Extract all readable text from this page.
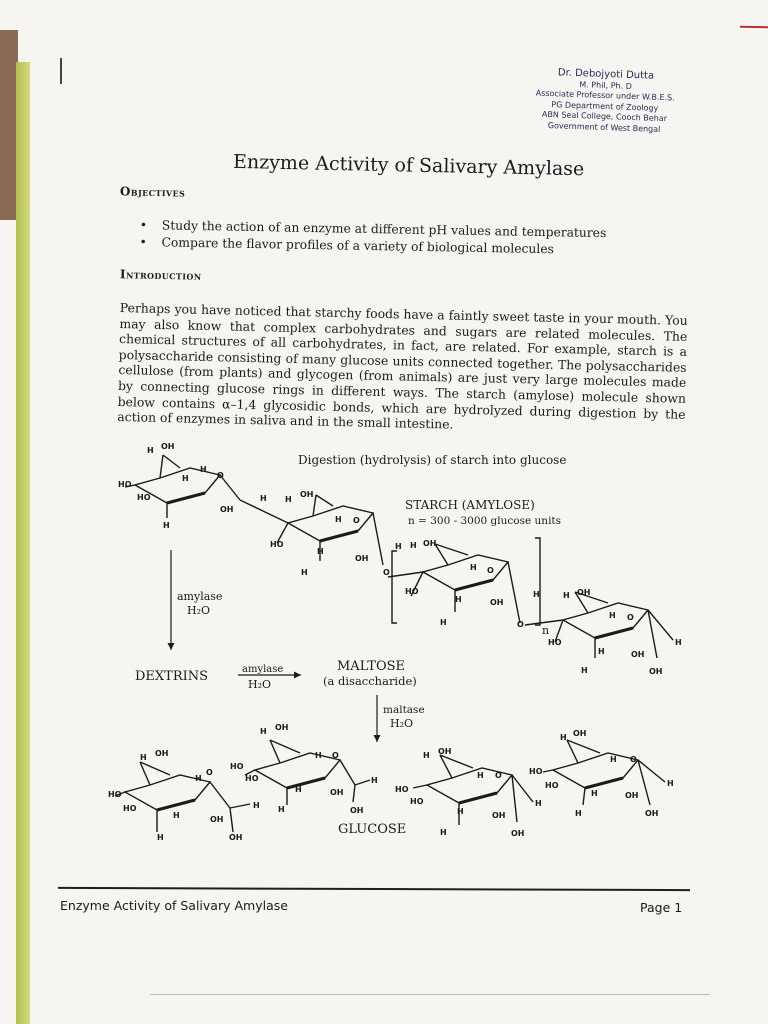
Dr. Debojyoti Dutta
M. Phil, Ph. D
Associate Professor under W.B.E.S.
PG Department of Zoology
ABN Seal College, Cooch Behar
Government of West Bengal
Enzyme Activity of Salivary Amylase
Objectives
• Study the action of an enzyme at different pH values and temperatures
• Compare the flavor profiles of a variety of biological molecules
Introduction
Perhaps you have noticed that starchy foods have a faintly sweet taste in your mouth. You may also know that complex carbohydrates and sugars are related molecules. The chemical structures of all carbohydrates, in fact, are related. For example, starch is a polysaccharide consisting of many glucose units connected together. The polysaccharides cellulose (from plants) and glycogen (from animals) are just very large molecules made by connecting glucose rings in different ways. The starch (amylose) molecule shown below contains α–1,4 glycosidic bonds, which are hydrolyzed during digestion by the action of enzymes in saliva and in the small intestine.
Digestion (hydrolysis) of starch into glucose
STARCH (AMYLOSE)
n = 300 - 3000 glucose units
H OH
HO
HO
O
H
H
OH
H
H
O
H
OH
HO
H O
OH
H
H
H H OH
HO
H O
OH
H
H
H
O n
H OH
HO
H O
OH
H
H
H
OH
amylase
H₂O
DEXTRINS	amylase
H₂O
MALTOSE
(a disaccharide)
maltase
H₂O
H OH
HO
HO
H
O
OH
H
H	OH
H
H OH
HO
HO
H O
OH
H
H	OH
H
H OH
HO
HO
H O
OH
H
H	OH
H
H OH
HO
HO
H O
OH
H
H	OH
H
GLUCOSE
Enzyme Activity of Salivary Amylase	Page 1
